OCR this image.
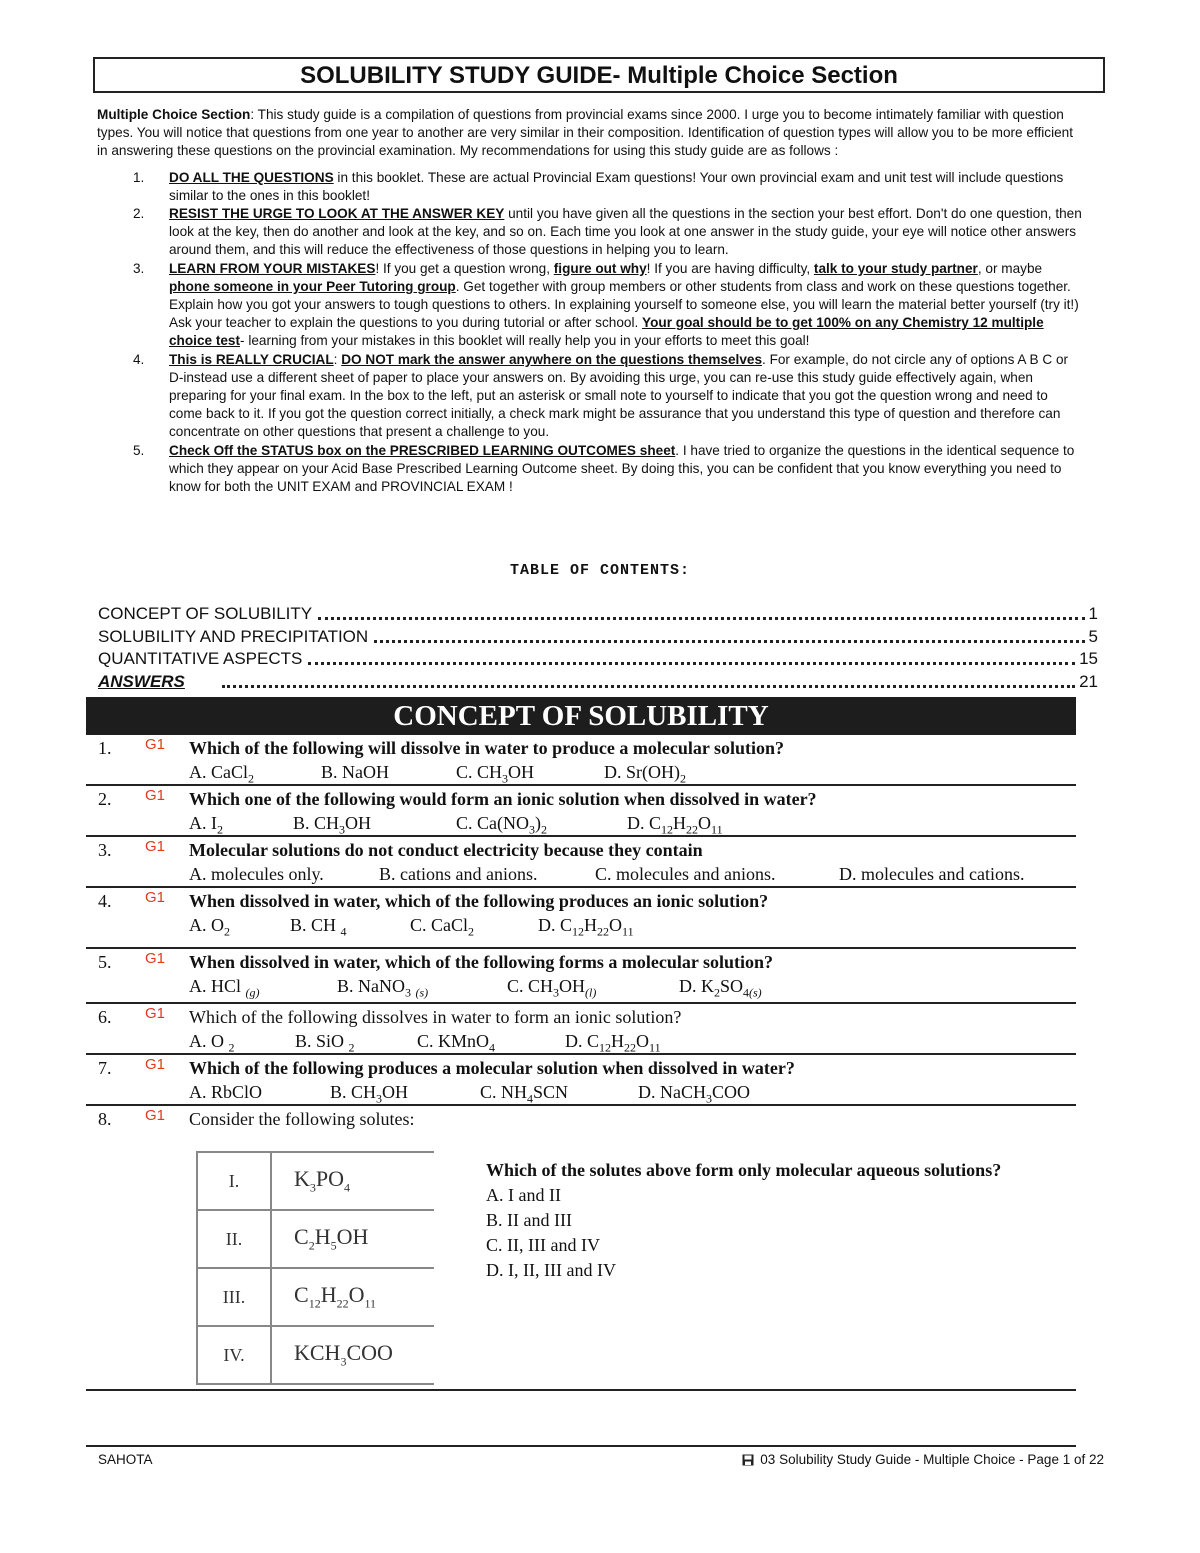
SOLUBILITY STUDY GUIDE- Multiple Choice Section

Multiple Choice Section: This study guide is a compilation of questions from provincial exams since 2000. I urge you to become intimately familiar with question types. You will notice that questions from one year to another are very similar in their composition. Identification of question types will allow you to be more efficient in answering these questions on the provincial examination. My recommendations for using this study guide are as follows :

1. DO ALL THE QUESTIONS in this booklet. These are actual Provincial Exam questions! Your own provincial exam and unit test will include questions similar to the ones in this booklet!
2. RESIST THE URGE TO LOOK AT THE ANSWER KEY until you have given all the questions in the section your best effort. Don't do one question, then look at the key, then do another and look at the key, and so on. Each time you look at one answer in the study guide, your eye will notice other answers around them, and this will reduce the effectiveness of those questions in helping you to learn.
3. LEARN FROM YOUR MISTAKES! If you get a question wrong, figure out why! If you are having difficulty, talk to your study partner, or maybe phone someone in your Peer Tutoring group. Get together with group members or other students from class and work on these questions together. Explain how you got your answers to tough questions to others. In explaining yourself to someone else, you will learn the material better yourself (try it!) Ask your teacher to explain the questions to you during tutorial or after school. Your goal should be to get 100% on any Chemistry 12 multiple choice test- learning from your mistakes in this booklet will really help you in your efforts to meet this goal!
4. This is REALLY CRUCIAL: DO NOT mark the answer anywhere on the questions themselves. For example, do not circle any of options A B C or D-instead use a different sheet of paper to place your answers on. By avoiding this urge, you can re-use this study guide effectively again, when preparing for your final exam. In the box to the left, put an asterisk or small note to yourself to indicate that you got the question wrong and need to come back to it. If you got the question correct initially, a check mark might be assurance that you understand this type of question and therefore can concentrate on other questions that present a challenge to you.
5. Check Off the STATUS box on the PRESCRIBED LEARNING OUTCOMES sheet. I have tried to organize the questions in the identical sequence to which they appear on your Acid Base Prescribed Learning Outcome sheet. By doing this, you can be confident that you know everything you need to know for both the UNIT EXAM and PROVINCIAL EXAM !
TABLE OF CONTENTS:
CONCEPT OF SOLUBILITY	1
SOLUBILITY AND PRECIPITATION	5
QUANTITATIVE ASPECTS	15
ANSWERS	21
CONCEPT OF SOLUBILITY
1. G1 Which of the following will dissolve in water to produce a molecular solution?
A. CaCl$_2$	B. NaOH	C. $CH_3OH$	D. $Sr(OH)_2$
2. G1 Which one of the following would form an ionic solution when dissolved in water?
A. $I_2$	B. $CH_3OH$	C. $Ca(NO_3)_2$	D. $C_{12}H_{22}O_{11}$
3. G1 Molecular solutions do not conduct electricity because they contain
A. molecules only.	B. cations and anions.	C. molecules and anions.	D. molecules and cations.
4. G1 When dissolved in water, which of the following produces an ionic solution?
A. $O_2$	B. CH $_4$	C. CaCl$_2$	D. $C_{12}H_{22}O_{11}$
5. G1 When dissolved in water, which of the following forms a molecular solution?
A. HCl $_{(g)}$	B. NaNO$_3$ $_{(s)}$	C. $CH_3OH_{(l)}$	D. $K_2SO_{4(s)}$
6. G1 Which of the following dissolves in water to form an ionic solution?
A. O $_2$	B. SiO $_2$	C. KMnO$_4$	D. $C_{12}H_{22}O_{11}$
7. G1 Which of the following produces a molecular solution when dissolved in water?
A. RbClO	B. $CH_3OH$	C. $NH_4SCN$	D. NaCH$_3$COO
8. G1 Consider the following solutes:
I.	$K_3PO_4$
II.	$C_2H_5OH$
III.	$C_{12}H_{22}O_{11}$
IV.	$KCH_3COO$
Which of the solutes above form only molecular aqueous solutions?
A. I and II
B. II and III
C. II, III and IV
D. I, II, III and IV
SAHOTA	03 Solubility Study Guide - Multiple Choice - Page 1 of 22
